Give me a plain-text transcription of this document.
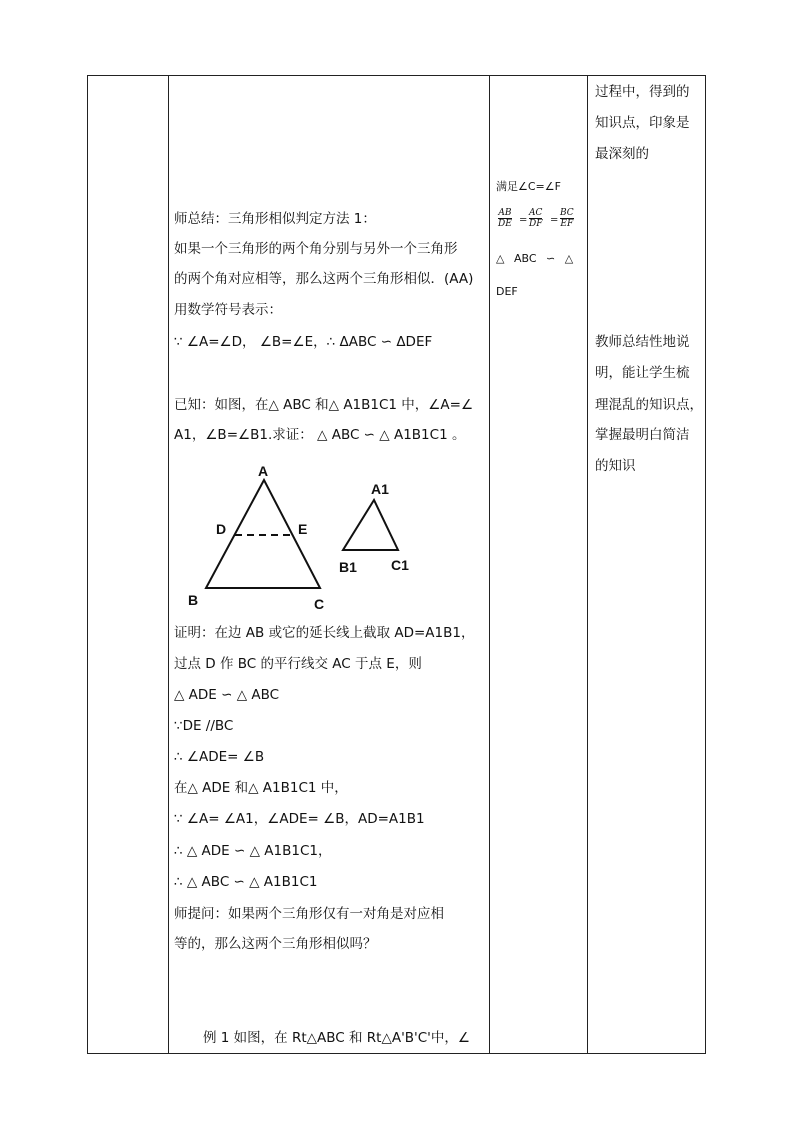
过程中，得到的
知识点，印象是
最深刻的
满足∠C=∠F
AB
DE =
AC
DF =
BC
EF
△ ABC ∽ △
DEF
师总结：三角形相似判定方法 1：
如果一个三角形的两个角分别与另外一个三角形
的两个角对应相等，那么这两个三角形相似．(AA)
用数学符号表示：
∵ ∠A=∠D， ∠B=∠E，∴ ΔABC ∽ ΔDEF
已知：如图，在△ ABC 和△ A1B1C1 中，∠A=∠
A1，∠B=∠B1.求证： △ ABC ∽ △ A1B1C1 。
A
D	E
B	C
A1
B1 C1
证明：在边 AB 或它的延长线上截取 AD=A1B1，
过点 D 作 BC 的平行线交 AC 于点 E，则
△ ADE ∽ △ ABC
∵DE //BC
∴ ∠ADE= ∠B
在△ ADE 和△ A1B1C1 中，
∵ ∠A= ∠A1，∠ADE= ∠B，AD=A1B1
∴ △ ADE ∽ △ A1B1C1，
∴ △ ABC ∽ △ A1B1C1
师提问：如果两个三角形仅有一对角是对应相
等的，那么这两个三角形相似吗？
例 1 如图，在 Rt△ABC 和 Rt△A'B'C'中，∠
教师总结性地说
明，能让学生梳
理混乱的知识点，
掌握最明白简洁
的知识
